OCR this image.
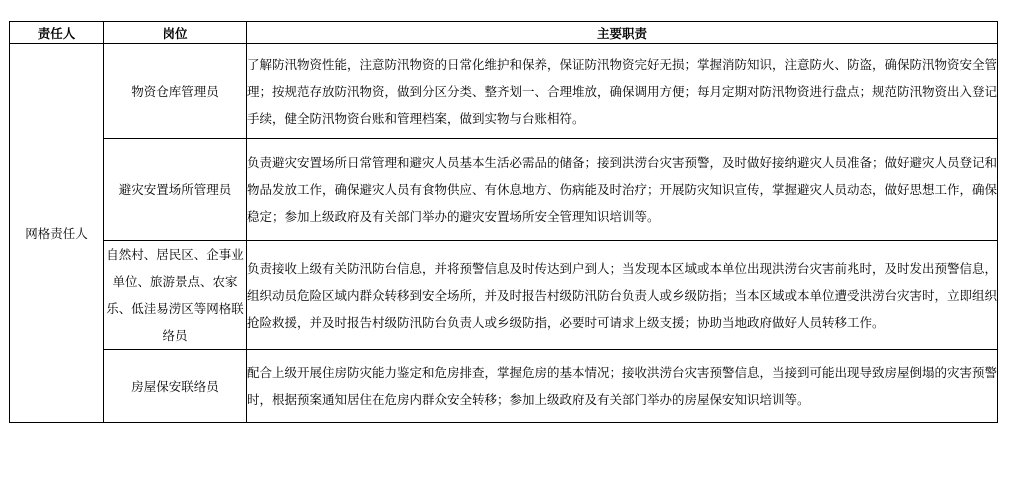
责任人	岗位	主要职责
网格责任人	物资仓库管理员	了解防汛物资性能，注意防汛物资的日常化维护和保养，保证防汛物资完好无损；掌握消防知识，注意防火、防盗，确保防汛物资安全管理；按规范存放防汛物资，做到分区分类、整齐划一、合理堆放，确保调用方便；每月定期对防汛物资进行盘点；规范防汛物资出入登记手续，健全防汛物资台账和管理档案，做到实物与台账相符。
	避灾安置场所管理员	负责避灾安置场所日常管理和避灾人员基本生活必需品的储备；接到洪涝台灾害预警，及时做好接纳避灾人员准备；做好避灾人员登记和物品发放工作，确保避灾人员有食物供应、有休息地方、伤病能及时治疗；开展防灾知识宣传，掌握避灾人员动态，做好思想工作，确保稳定；参加上级政府及有关部门举办的避灾安置场所安全管理知识培训等。
	自然村、居民区、企事业单位、旅游景点、农家乐、低洼易涝区等网格联络员	负责接收上级有关防汛防台信息，并将预警信息及时传达到户到人；当发现本区域或本单位出现洪涝台灾害前兆时，及时发出预警信息，组织动员危险区域内群众转移到安全场所，并及时报告村级防汛防台负责人或乡级防指；当本区域或本单位遭受洪涝台灾害时，立即组织抢险救援，并及时报告村级防汛防台负责人或乡级防指，必要时可请求上级支援；协助当地政府做好人员转移工作。
	房屋保安联络员	配合上级开展住房防灾能力鉴定和危房排查，掌握危房的基本情况；接收洪涝台灾害预警信息，当接到可能出现导致房屋倒塌的灾害预警时，根据预案通知居住在危房内群众安全转移；参加上级政府及有关部门举办的房屋保安知识培训等。
